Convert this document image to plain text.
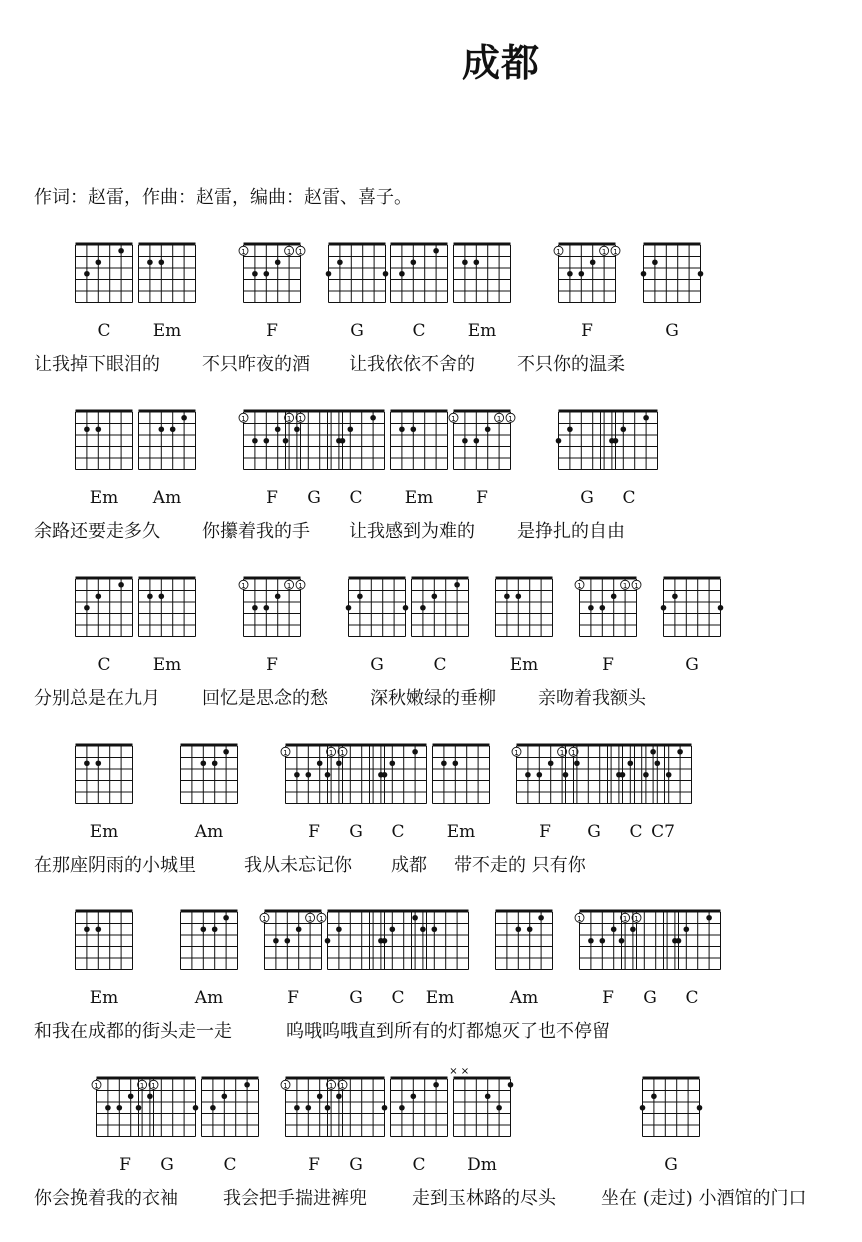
成都
作词：赵雷，作曲：赵雷，编曲：赵雷、喜子。
1	1 1	1	1 1
C Em	F	G	C Em	F	G
让我掉下眼泪的 不只昨夜的酒 让我依依不舍的 不只你的温柔
1	1 1	1	1 1
Em Am	F G C Em	F	G C
余路还要走多久 你攥着我的手 让我感到为难的 是挣扎的自由
1	1 1	1	1 1
C Em	F	G	C	Em	F	G
分别总是在九月 回忆是思念的愁 深秋嫩绿的垂柳 亲吻着我额头
1	1 1	1	1 1
Em	Am	F G C Em	F G C C7
在那座阴雨的小城里	我从未忘记你 成都 带不走的 只有你
1	1 1	1	1 1
Em	Am	F	G C Em	Am	F G C
和我在成都的街头走一走	呜哦呜哦直到所有的灯都熄灭了也不停留
1	1 1	1	1 1
× ×
F G	C	F G	C Dm	G
你会挽着我的衣袖	我会把手揣进裤兜	走到玉林路的尽头	坐在 (走过) 小酒馆的门口
